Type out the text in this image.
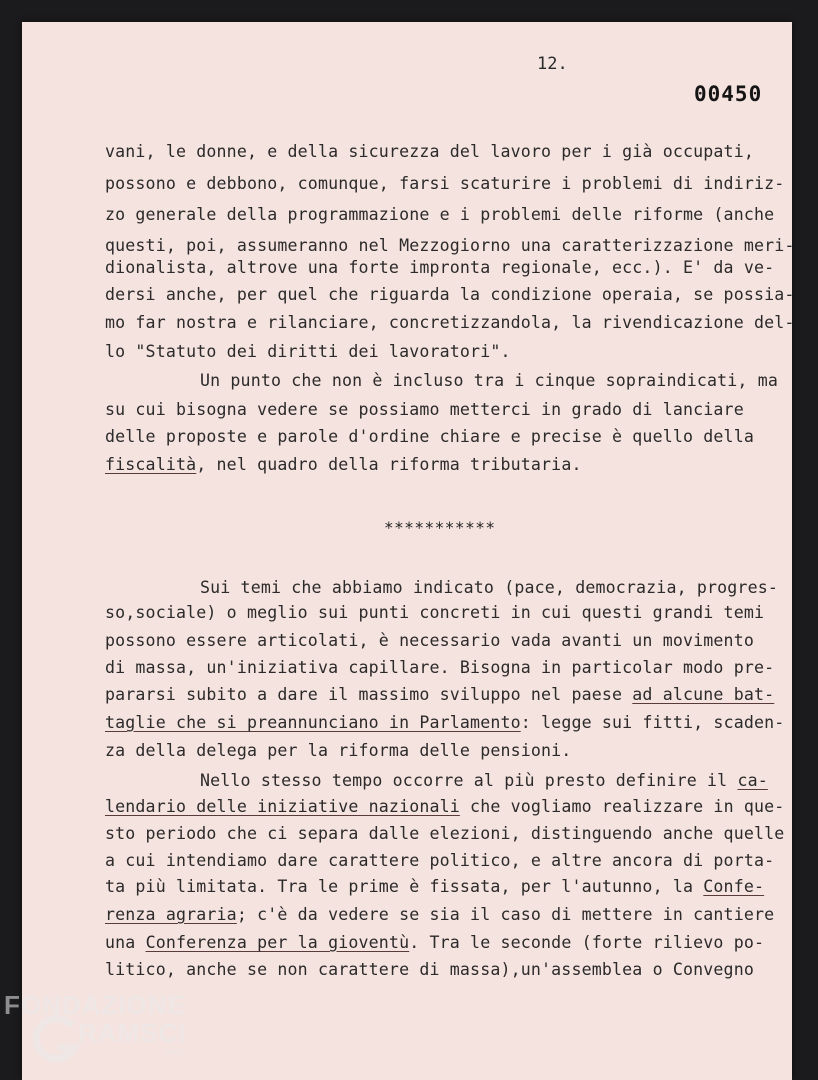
12.
00450
vani, le donne, e della sicurezza del lavoro per i già occupati,
possono e debbono, comunque, farsi scaturire i problemi di indiriz-
zo generale della programmazione e i problemi delle riforme (anche
questi, poi, assumeranno nel Mezzogiorno una caratterizzazione meri-
dionalista, altrove una forte impronta regionale, ecc.). E' da ve-
dersi anche, per quel che riguarda la condizione operaia, se possia-
mo far nostra e rilanciare, concretizzandola, la rivendicazione del-
lo "Statuto dei diritti dei lavoratori".
Un punto che non è incluso tra i cinque sopraindicati, ma
su cui bisogna vedere se possiamo metterci in grado di lanciare
delle proposte e parole d'ordine chiare e precise è quello della
fiscalità, nel quadro della riforma tributaria.
***********
Sui temi che abbiamo indicato (pace, democrazia, progres-
so,sociale) o meglio sui punti concreti in cui questi grandi temi
possono essere articolati, è necessario vada avanti un movimento
di massa, un'iniziativa capillare. Bisogna in particolar modo pre-
pararsi subito a dare il massimo sviluppo nel paese ad alcune bat-
taglie che si preannunciano in Parlamento: legge sui fitti, scaden-
za della delega per la riforma delle pensioni.
Nello stesso tempo occorre al più presto definire il ca-
lendario delle iniziative nazionali che vogliamo realizzare in que-
sto periodo che ci separa dalle elezioni, distinguendo anche quelle
a cui intendiamo dare carattere politico, e altre ancora di porta-
ta più limitata. Tra le prime è fissata, per l'autunno, la Confe-
renza agraria; c'è da vedere se sia il caso di mettere in cantiere
una Conferenza per la gioventù. Tra le seconde (forte rilievo po-
litico, anche se non carattere di massa),un'assemblea o Convegno
FONDAZIONE
RAMSCI
onlus
